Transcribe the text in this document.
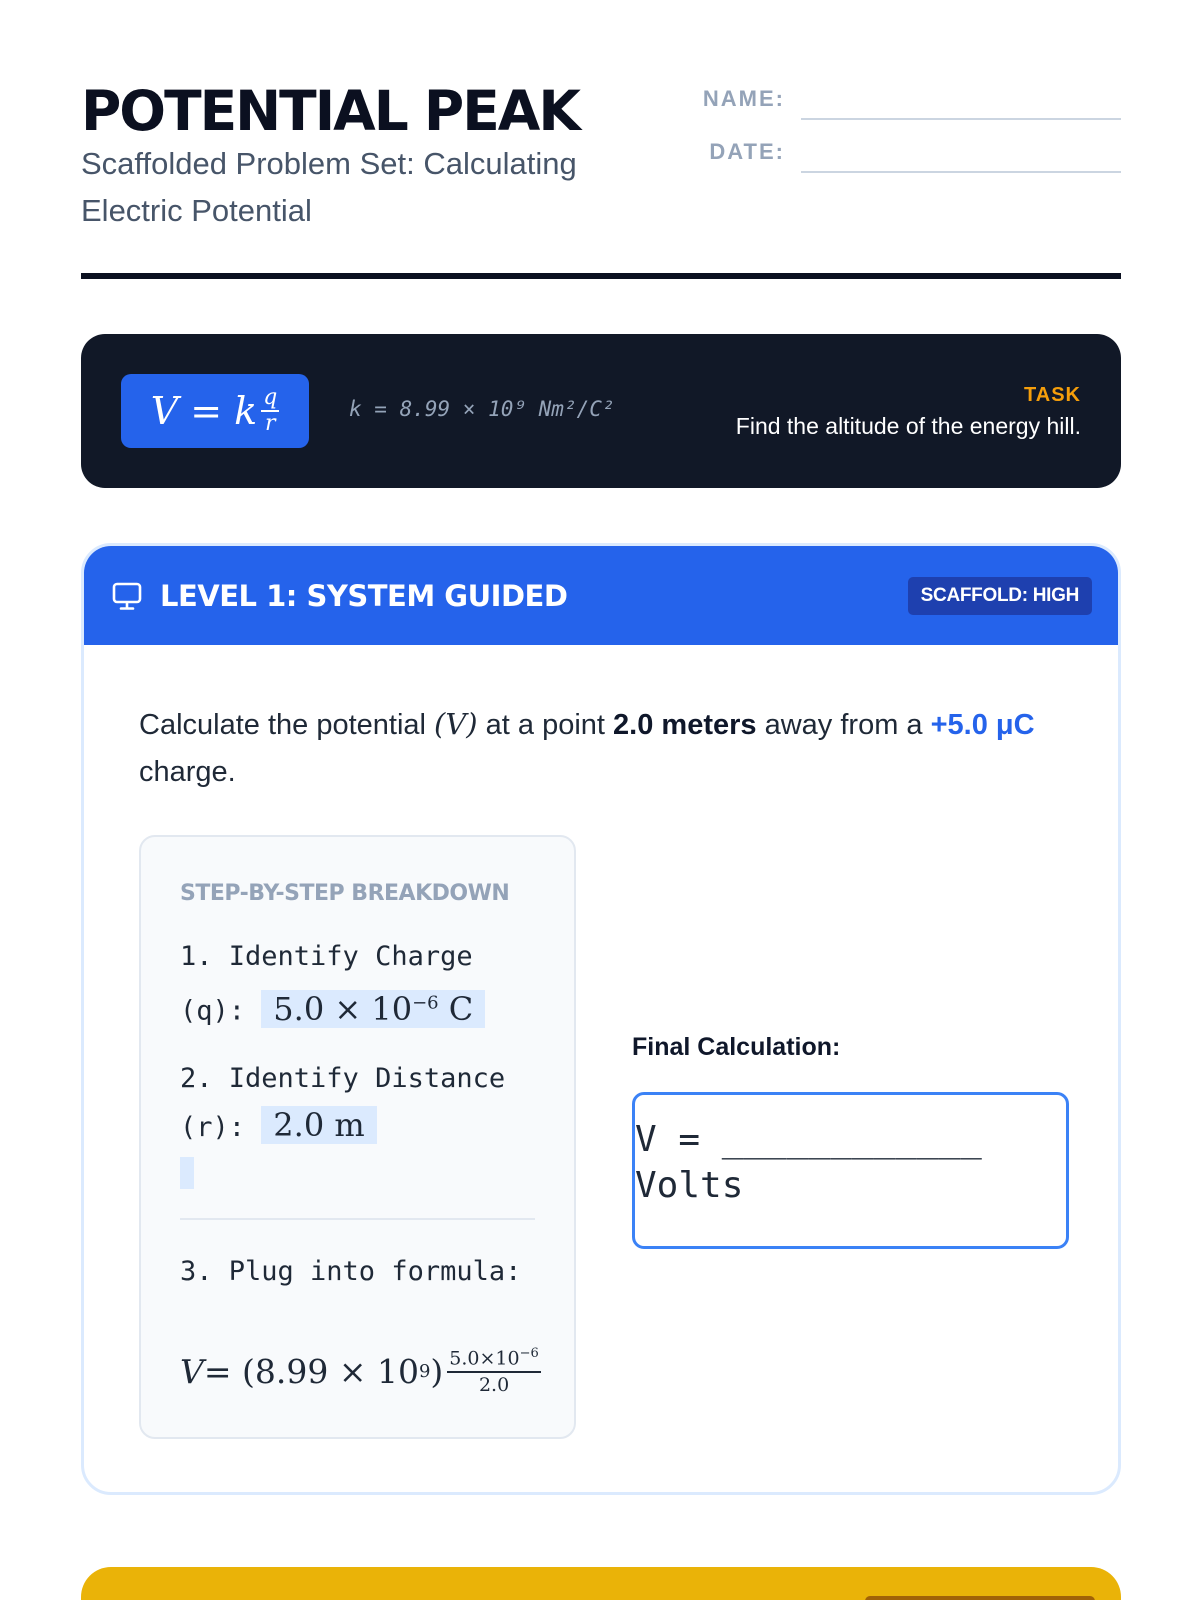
POTENTIAL PEAK
Scaffolded Problem Set: Calculating Electric Potential
NAME:
DATE:
V = k $\frac{q}{r}$	k = 8.99 × 10⁹ Nm²/C²
TASK
Find the altitude of the energy hill.
LEVEL 1: SYSTEM GUIDED	SCAFFOLD: HIGH
Calculate the potential (V) at a point 2.0 meters away from a +5.0 μC charge.
STEP-BY-STEP BREAKDOWN
1. Identify Charge (q): $5.0 \times 10^{-6}$ C
2. Identify Distance (r): 2.0 m
3. Plug into formula:
V = (8.99 × 10 9 ) $\frac{5.0\times 10^{-6}}{2.0}$
Final Calculation:
V = ____________ Volts
